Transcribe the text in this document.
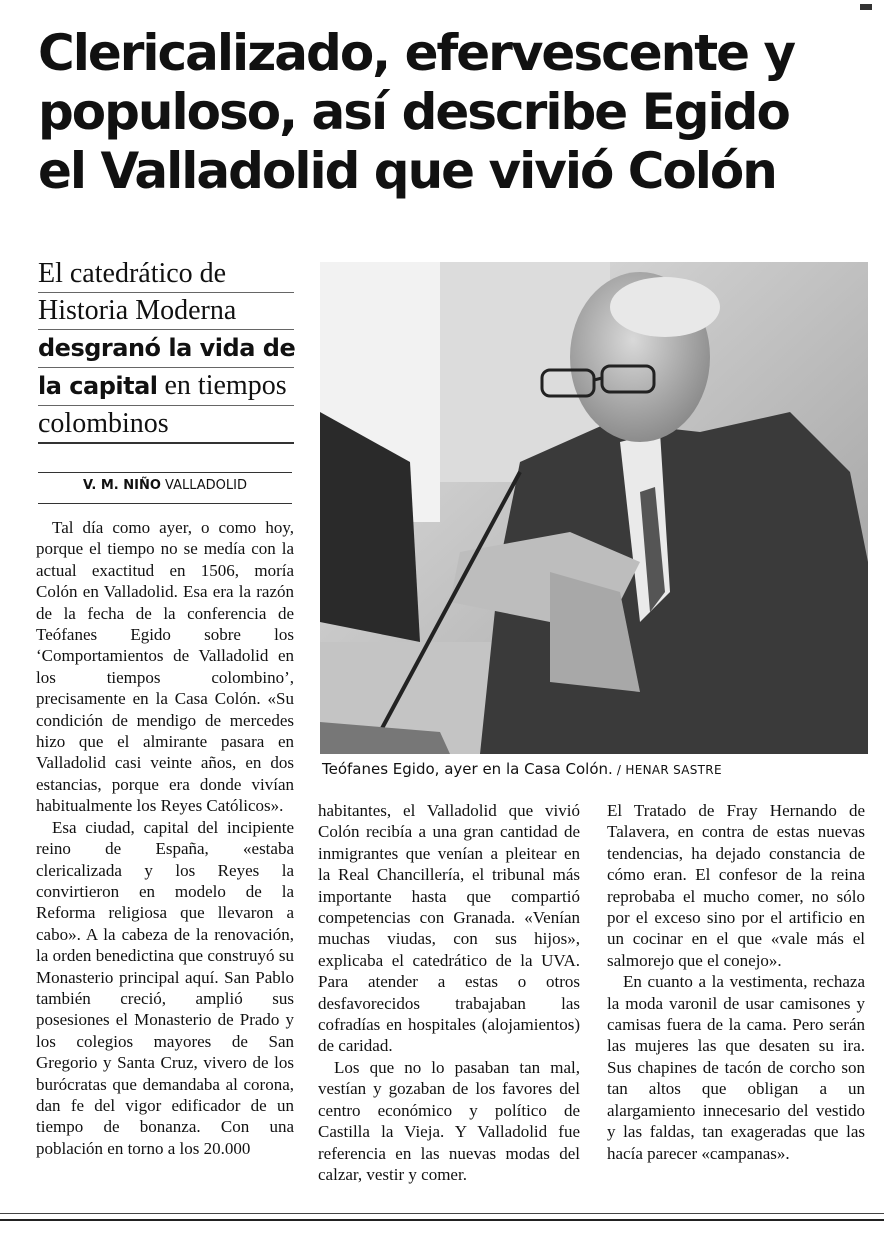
Clericalizado, efervescente y
populoso, así describe Egido
el Valladolid que vivió Colón
El catedrático de
Historia Moderna
desgranó la vida de
la capital en tiempos
colombinos
V. M. NIÑO VALLADOLID

Tal día como ayer, o como hoy, porque el tiempo no se medía con la actual exactitud en 1506, moría Colón en Valladolid. Esa era la razón de la fecha de la conferencia de Teófanes Egido sobre los ‘Comportamientos de Valladolid en los tiempos colombino’, precisamente en la Casa Colón. «Su condición de mendigo de mercedes hizo que el almirante pasara en Valladolid casi veinte años, en dos estancias, porque era donde vivían habitualmente los Reyes Católicos».

Esa ciudad, capital del incipiente reino de España, «estaba clericalizada y los Reyes la convirtieron en modelo de la Reforma religiosa que llevaron a cabo». A la cabeza de la renovación, la orden benedictina que construyó su Monasterio principal aquí. San Pablo también creció, amplió sus posesiones el Monasterio de Prado y los colegios mayores de San Gregorio y Santa Cruz, vivero de los burócratas que demandaba al corona, dan fe del vigor edificador de un tiempo de bonanza. Con una población en torno a los 20.000

Teófanes Egido, ayer en la Casa Colón. / HENAR SASTRE

habitantes, el Valladolid que vivió Colón recibía a una gran cantidad de inmigrantes que venían a pleitear en la Real Chancillería, el tribunal más importante hasta que compartió competencias con Granada. «Venían muchas viudas, con sus hijos», explicaba el catedrático de la UVA. Para atender a estas o otros desfavorecidos trabajaban las cofradías en hospitales (alojamientos) de caridad.

Los que no lo pasaban tan mal, vestían y gozaban de los favores del centro económico y político de Castilla la Vieja. Y Valladolid fue referencia en las nuevas modas del calzar, vestir y comer.

El Tratado de Fray Hernando de Talavera, en contra de estas nuevas tendencias, ha dejado constancia de cómo eran. El confesor de la reina reprobaba el mucho comer, no sólo por el exceso sino por el artificio en un cocinar en el que «vale más el salmorejo que el conejo».

En cuanto a la vestimenta, rechaza la moda varonil de usar camisones y camisas fuera de la cama. Pero serán las mujeres las que desaten su ira. Sus chapines de tacón de corcho son tan altos que obligan a un alargamiento innecesario del vestido y las faldas, tan exageradas que las hacía parecer «campanas».
